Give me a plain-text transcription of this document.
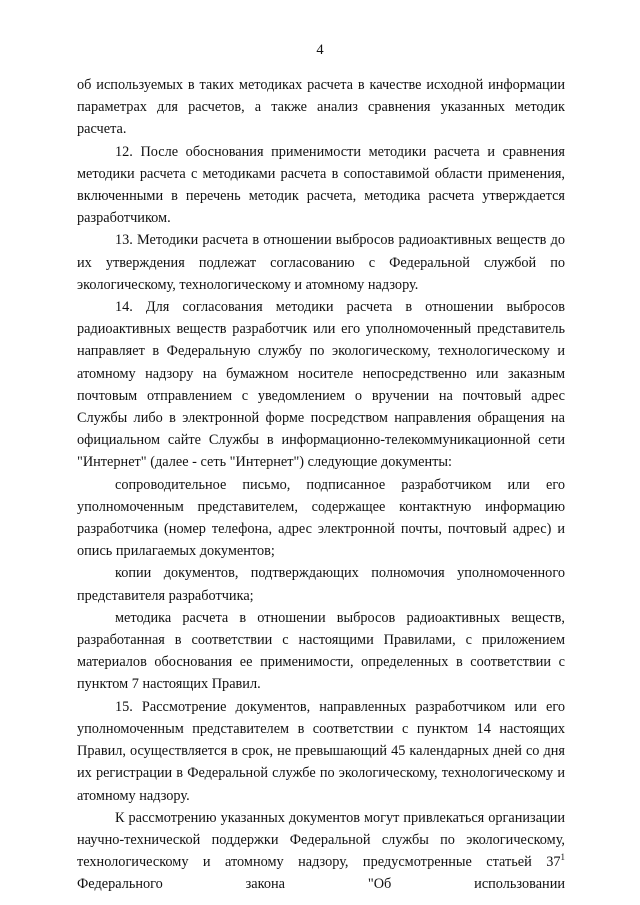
4

об используемых в таких методиках расчета в качестве исходной информации параметрах для расчетов, а также анализ сравнения указанных методик расчета.

12. После обоснования применимости методики расчета и сравнения методики расчета с методиками расчета в сопоставимой области применения, включенными в перечень методик расчета, методика расчета утверждается разработчиком.

13. Методики расчета в отношении выбросов радиоактивных веществ до их утверждения подлежат согласованию с Федеральной службой по экологическому, технологическому и атомному надзору.

14. Для согласования методики расчета в отношении выбросов радиоактивных веществ разработчик или его уполномоченный представитель направляет в Федеральную службу по экологическому, технологическому и атомному надзору на бумажном носителе непосредственно или заказным почтовым отправлением с уведомлением о вручении на почтовый адрес Службы либо в электронной форме посредством направления обращения на официальном сайте Службы в информационно-телекоммуникационной сети "Интернет" (далее - сеть "Интернет") следующие документы:

сопроводительное письмо, подписанное разработчиком или его уполномоченным представителем, содержащее контактную информацию разработчика (номер телефона, адрес электронной почты, почтовый адрес) и опись прилагаемых документов;

копии документов, подтверждающих полномочия уполномоченного представителя разработчика;

методика расчета в отношении выбросов радиоактивных веществ, разработанная в соответствии с настоящими Правилами, с приложением материалов обоснования ее применимости, определенных в соответствии с пунктом 7 настоящих Правил.

15. Рассмотрение документов, направленных разработчиком или его уполномоченным представителем в соответствии с пунктом 14 настоящих Правил, осуществляется в срок, не превышающий 45 календарных дней со дня их регистрации в Федеральной службе по экологическому, технологическому и атомному надзору.

К рассмотрению указанных документов могут привлекаться организации научно-технической поддержки Федеральной службы по экологическому, технологическому и атомному надзору, предусмотренные статьей $37^1$ Федерального закона "Об использовании
